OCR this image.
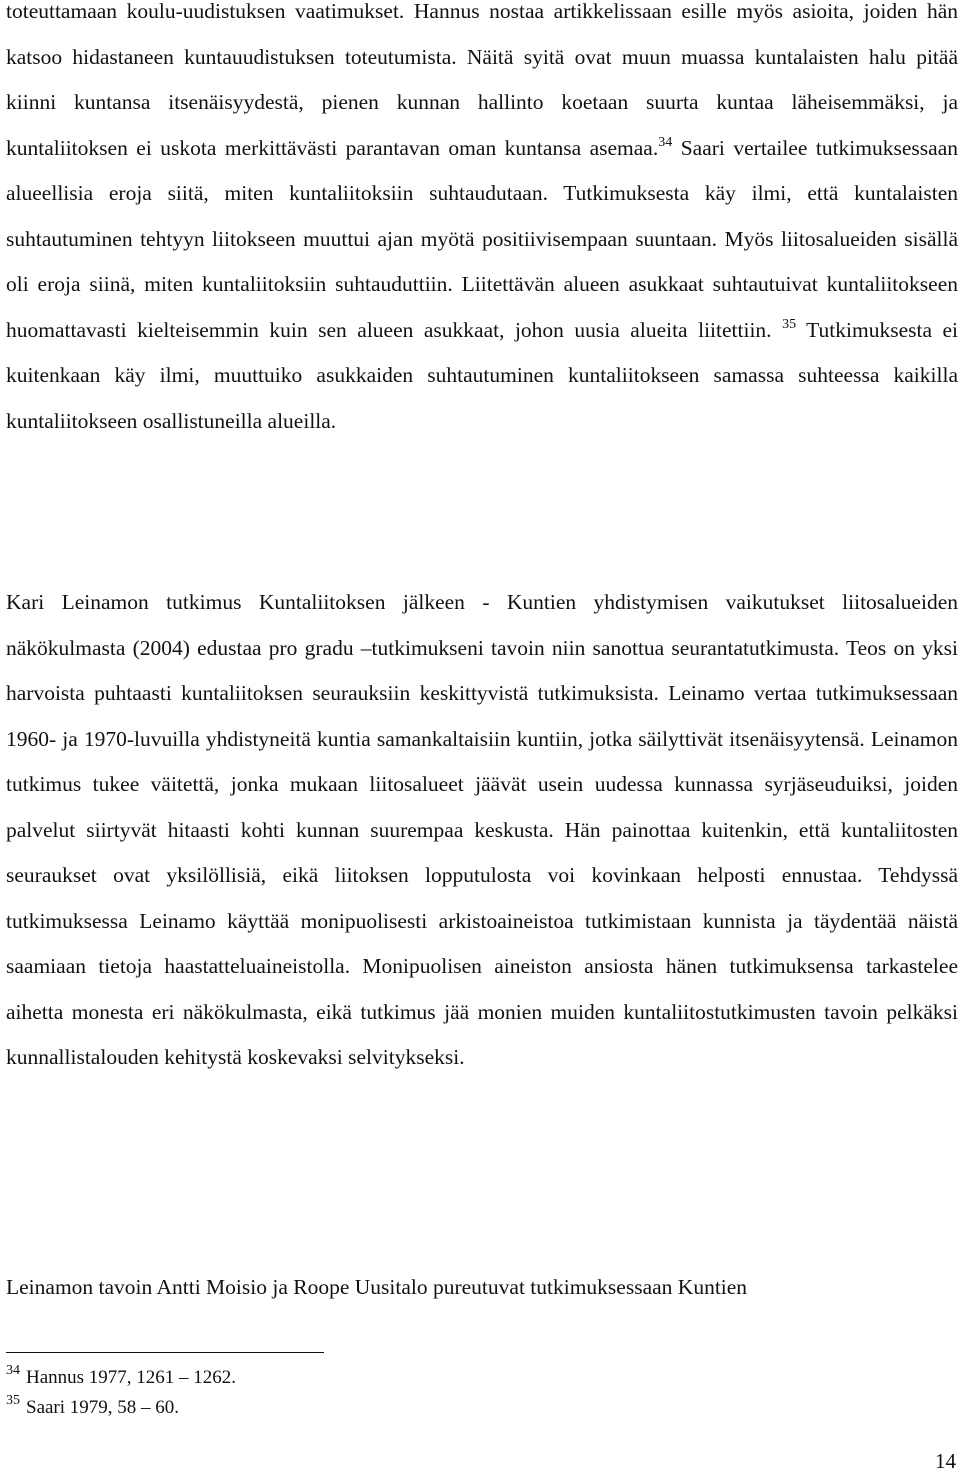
toteuttamaan koulu-uudistuksen vaatimukset. Hannus nostaa artikkelissaan esille myös asioita, joiden hän katsoo hidastaneen kuntauudistuksen toteutumista. Näitä syitä ovat muun muassa kuntalaisten halu pitää kiinni kuntansa itsenäisyydestä, pienen kunnan hallinto koetaan suurta kuntaa läheisemmäksi, ja kuntaliitoksen ei uskota merkittävästi parantavan oman kuntansa asemaa.$^{34}$ Saari vertailee tutkimuksessaan alueellisia eroja siitä, miten kuntaliitoksiin suhtaudutaan. Tutkimuksesta käy ilmi, että kuntalaisten suhtautuminen tehtyyn liitokseen muuttui ajan myötä positiivisempaan suuntaan. Myös liitosalueiden sisällä oli eroja siinä, miten kuntaliitoksiin suhtauduttiin. Liitettävän alueen asukkaat suhtautuivat kuntaliitokseen huomattavasti kielteisemmin kuin sen alueen asukkaat, johon uusia alueita liitettiin. $^{35}$ Tutkimuksesta ei kuitenkaan käy ilmi, muuttuiko asukkaiden suhtautuminen kuntaliitokseen samassa suhteessa kaikilla kuntaliitokseen osallistuneilla alueilla.

Kari Leinamon tutkimus Kuntaliitoksen jälkeen - Kuntien yhdistymisen vaikutukset liitosalueiden näkökulmasta (2004) edustaa pro gradu –tutkimukseni tavoin niin sanottua seurantatutkimusta. Teos on yksi harvoista puhtaasti kuntaliitoksen seurauksiin keskittyvistä tutkimuksista. Leinamo vertaa tutkimuksessaan 1960- ja 1970-luvuilla yhdistyneitä kuntia samankaltaisiin kuntiin, jotka säilyttivät itsenäisyytensä. Leinamon tutkimus tukee väitettä, jonka mukaan liitosalueet jäävät usein uudessa kunnassa syrjäseuduiksi, joiden palvelut siirtyvät hitaasti kohti kunnan suurempaa keskusta. Hän painottaa kuitenkin, että kuntaliitosten seuraukset ovat yksilöllisiä, eikä liitoksen lopputulosta voi kovinkaan helposti ennustaa. Tehdyssä tutkimuksessa Leinamo käyttää monipuolisesti arkistoaineistoa tutkimistaan kunnista ja täydentää näistä saamiaan tietoja haastatteluaineistolla. Monipuolisen aineiston ansiosta hänen tutkimuksensa tarkastelee aihetta monesta eri näkökulmasta, eikä tutkimus jää monien muiden kuntaliitostutkimusten tavoin pelkäksi kunnallistalouden kehitystä koskevaksi selvitykseksi.

Leinamon tavoin Antti Moisio ja Roope Uusitalo pureutuvat tutkimuksessaan Kuntien

$^{34}$ Hannus 1977, 1261 – 1262.

$^{35}$ Saari 1979, 58 – 60.

14
